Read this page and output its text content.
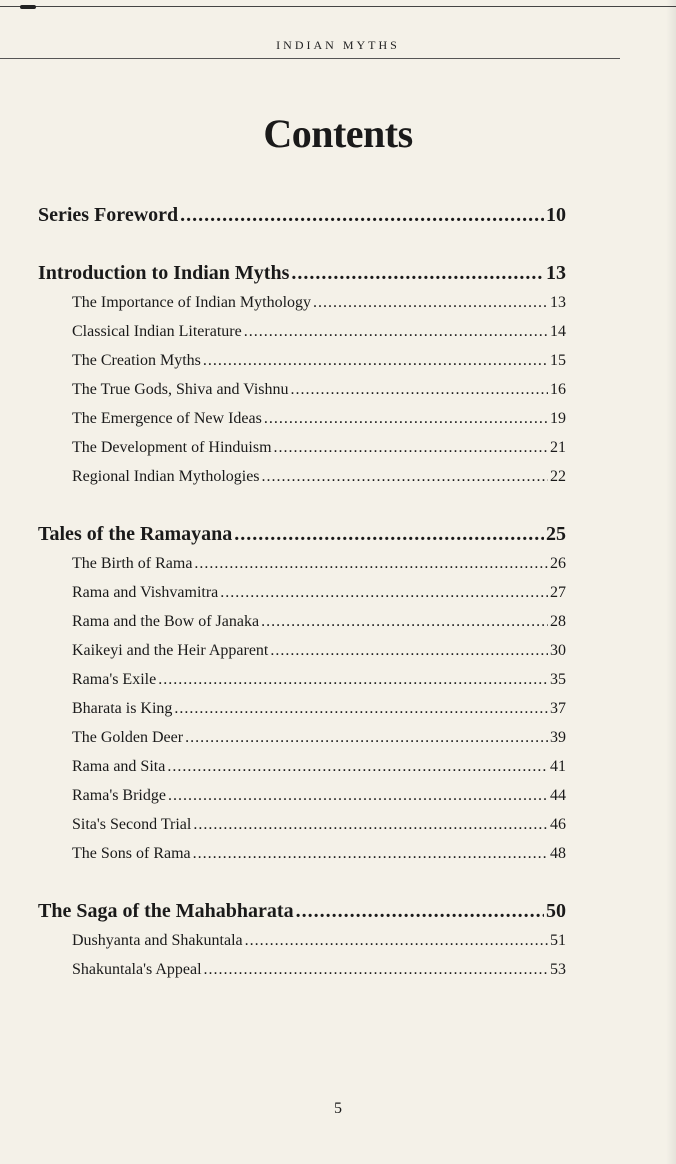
INDIAN MYTHS
Contents
Series Foreword . . .	10
Introduction to Indian Myths . . .	13
The Importance of Indian Mythology . . .	13
Classical Indian Literature . . .	14
The Creation Myths . . .	15
The True Gods, Shiva and Vishnu . . .	16
The Emergence of New Ideas . . .	19
The Development of Hinduism . . .	21
Regional Indian Mythologies . . .	22
Tales of the Ramayana . . .	25
The Birth of Rama . . .	26
Rama and Vishvamitra . . .	27
Rama and the Bow of Janaka . . .	28
Kaikeyi and the Heir Apparent . . .	30
Rama's Exile . . .	35
Bharata is King . . .	37
The Golden Deer . . .	39
Rama and Sita . . .	41
Rama's Bridge . . .	44
Sita's Second Trial . . .	46
The Sons of Rama . . .	48
The Saga of the Mahabharata . . .	50
Dushyanta and Shakuntala . . .	51
Shakuntala's Appeal . . .	53
5
